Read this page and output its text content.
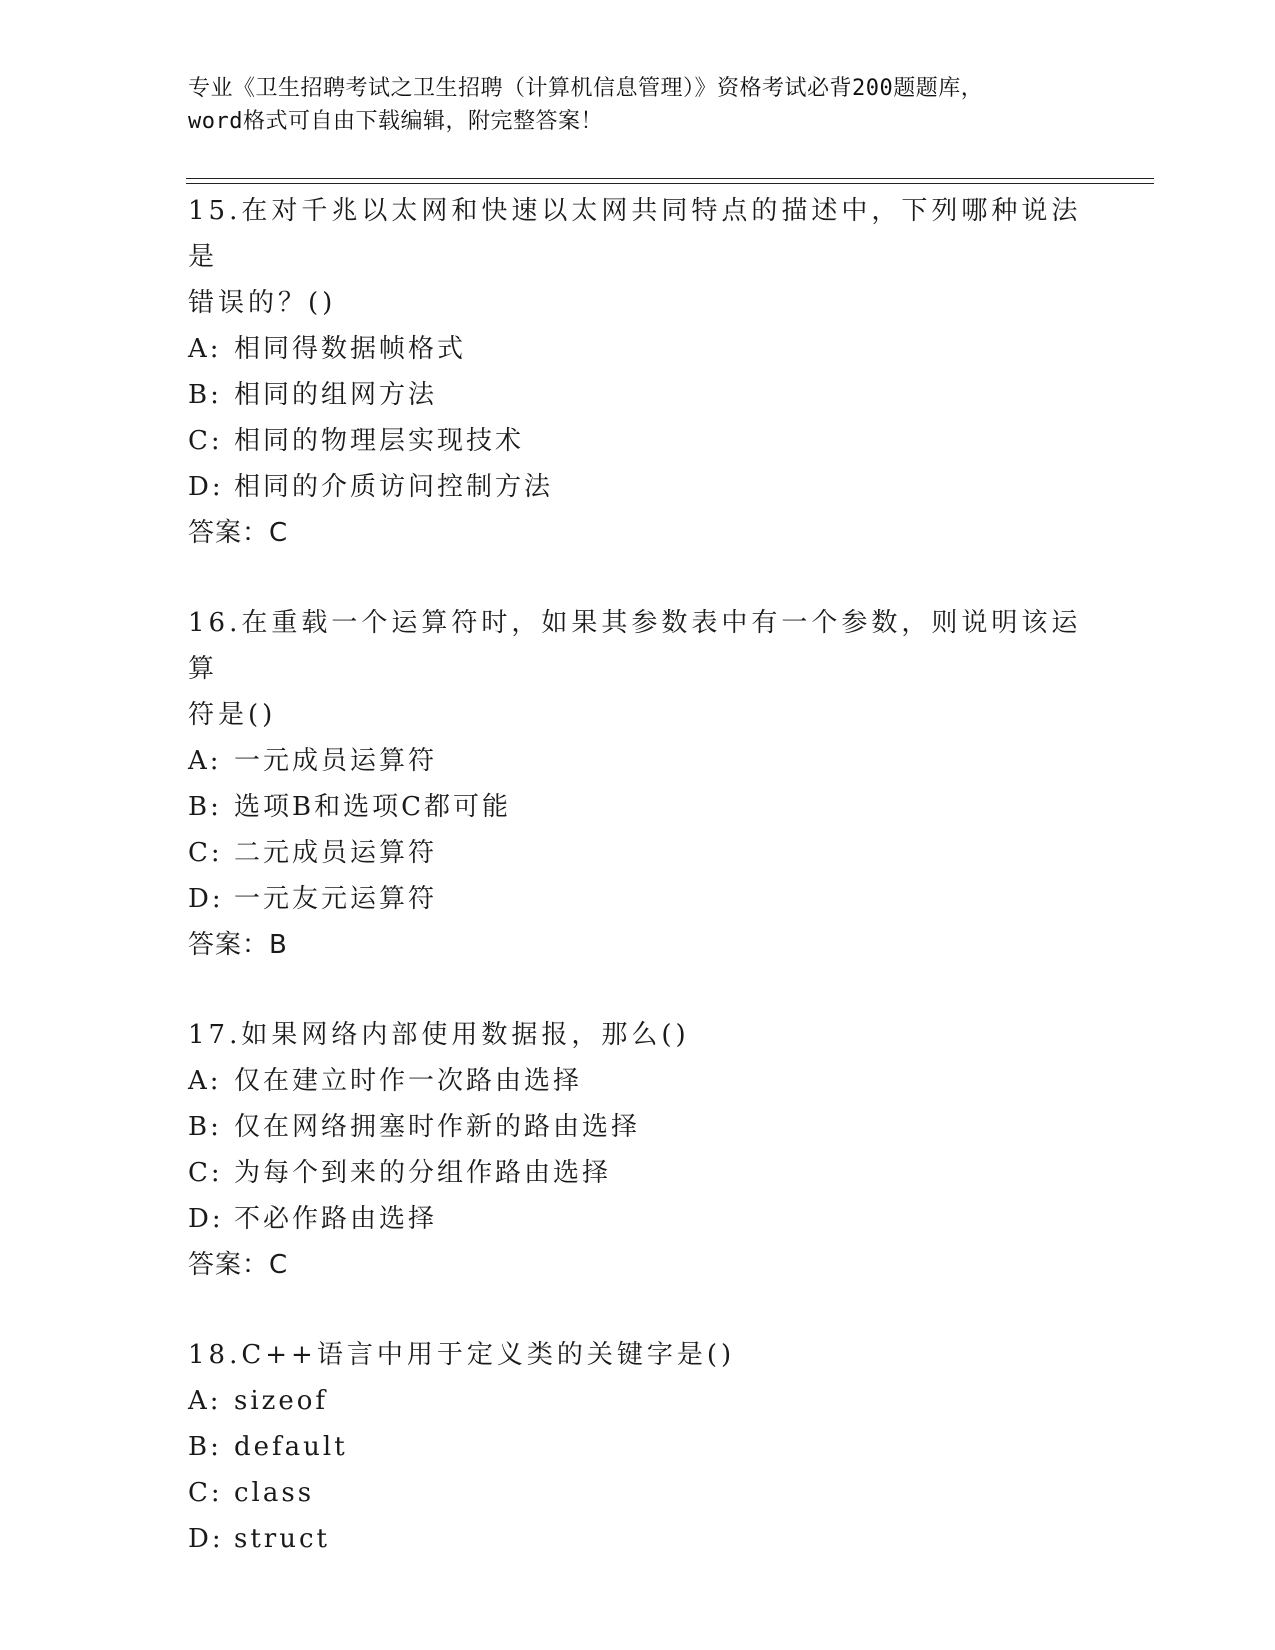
专业《卫生招聘考试之卫生招聘（计算机信息管理）》资格考试必背200题题库，
word格式可自由下载编辑，附完整答案！
15.在对千兆以太网和快速以太网共同特点的描述中，下列哪种说法是
错误的？()
A: 相同得数据帧格式
B: 相同的组网方法
C: 相同的物理层实现技术
D: 相同的介质访问控制方法
答案：C
16.在重载一个运算符时，如果其参数表中有一个参数，则说明该运算
符是()
A: 一元成员运算符
B: 选项B和选项C都可能
C: 二元成员运算符
D: 一元友元运算符
答案：B
17.如果网络内部使用数据报，那么()
A: 仅在建立时作一次路由选择
B: 仅在网络拥塞时作新的路由选择
C: 为每个到来的分组作路由选择
D: 不必作路由选择
答案：C
18.C++语言中用于定义类的关键字是()
A: sizeof
B: default
C: class
D: struct
